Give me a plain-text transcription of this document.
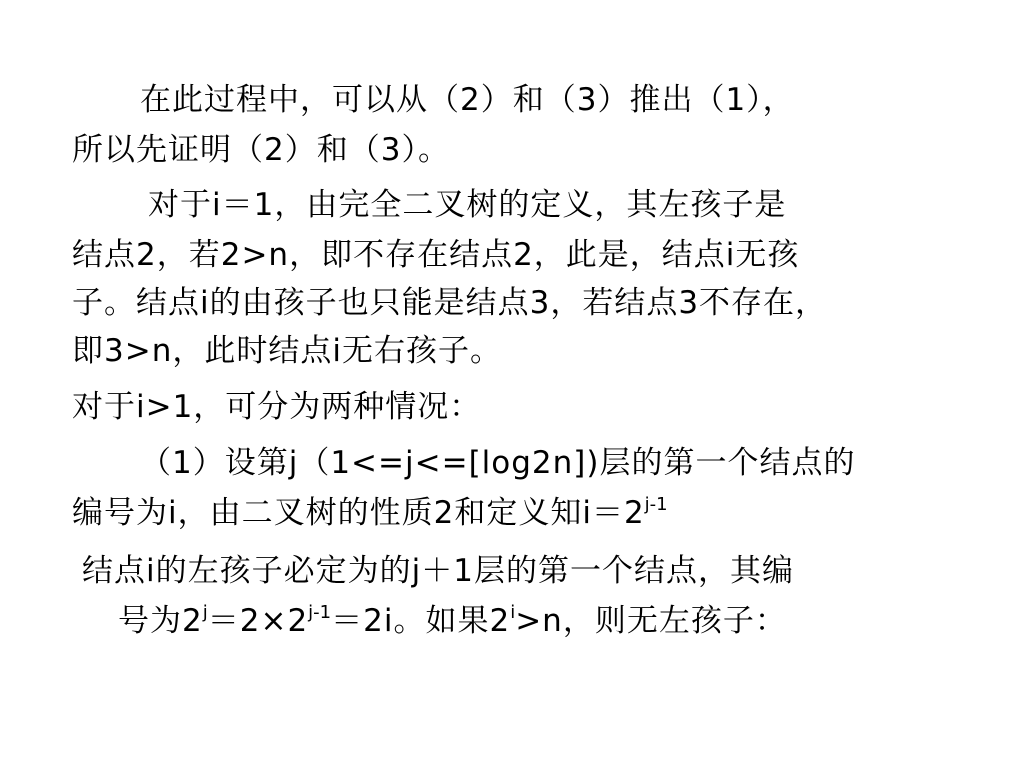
在此过程中，可以从（2）和（3）推出（1），
所以先证明（2）和（3）。
对于i＝1，由完全二叉树的定义，其左孩子是
结点2，若2>n，即不存在结点2，此是，结点i无孩
子。结点i的由孩子也只能是结点3，若结点3不存在，
即3>n，此时结点i无右孩子。
对于i>1，可分为两种情况：
（1）设第j（1<=j<=[log2n])层的第一个结点的
编号为i，由二叉树的性质2和定义知$i=2^{j-1}$
结点i的左孩子必定为的j＋1层的第一个结点，其编
号为$2^j=2\times 2^{j-1}=2i$。如果$2^i>n$，则无左孩子：
